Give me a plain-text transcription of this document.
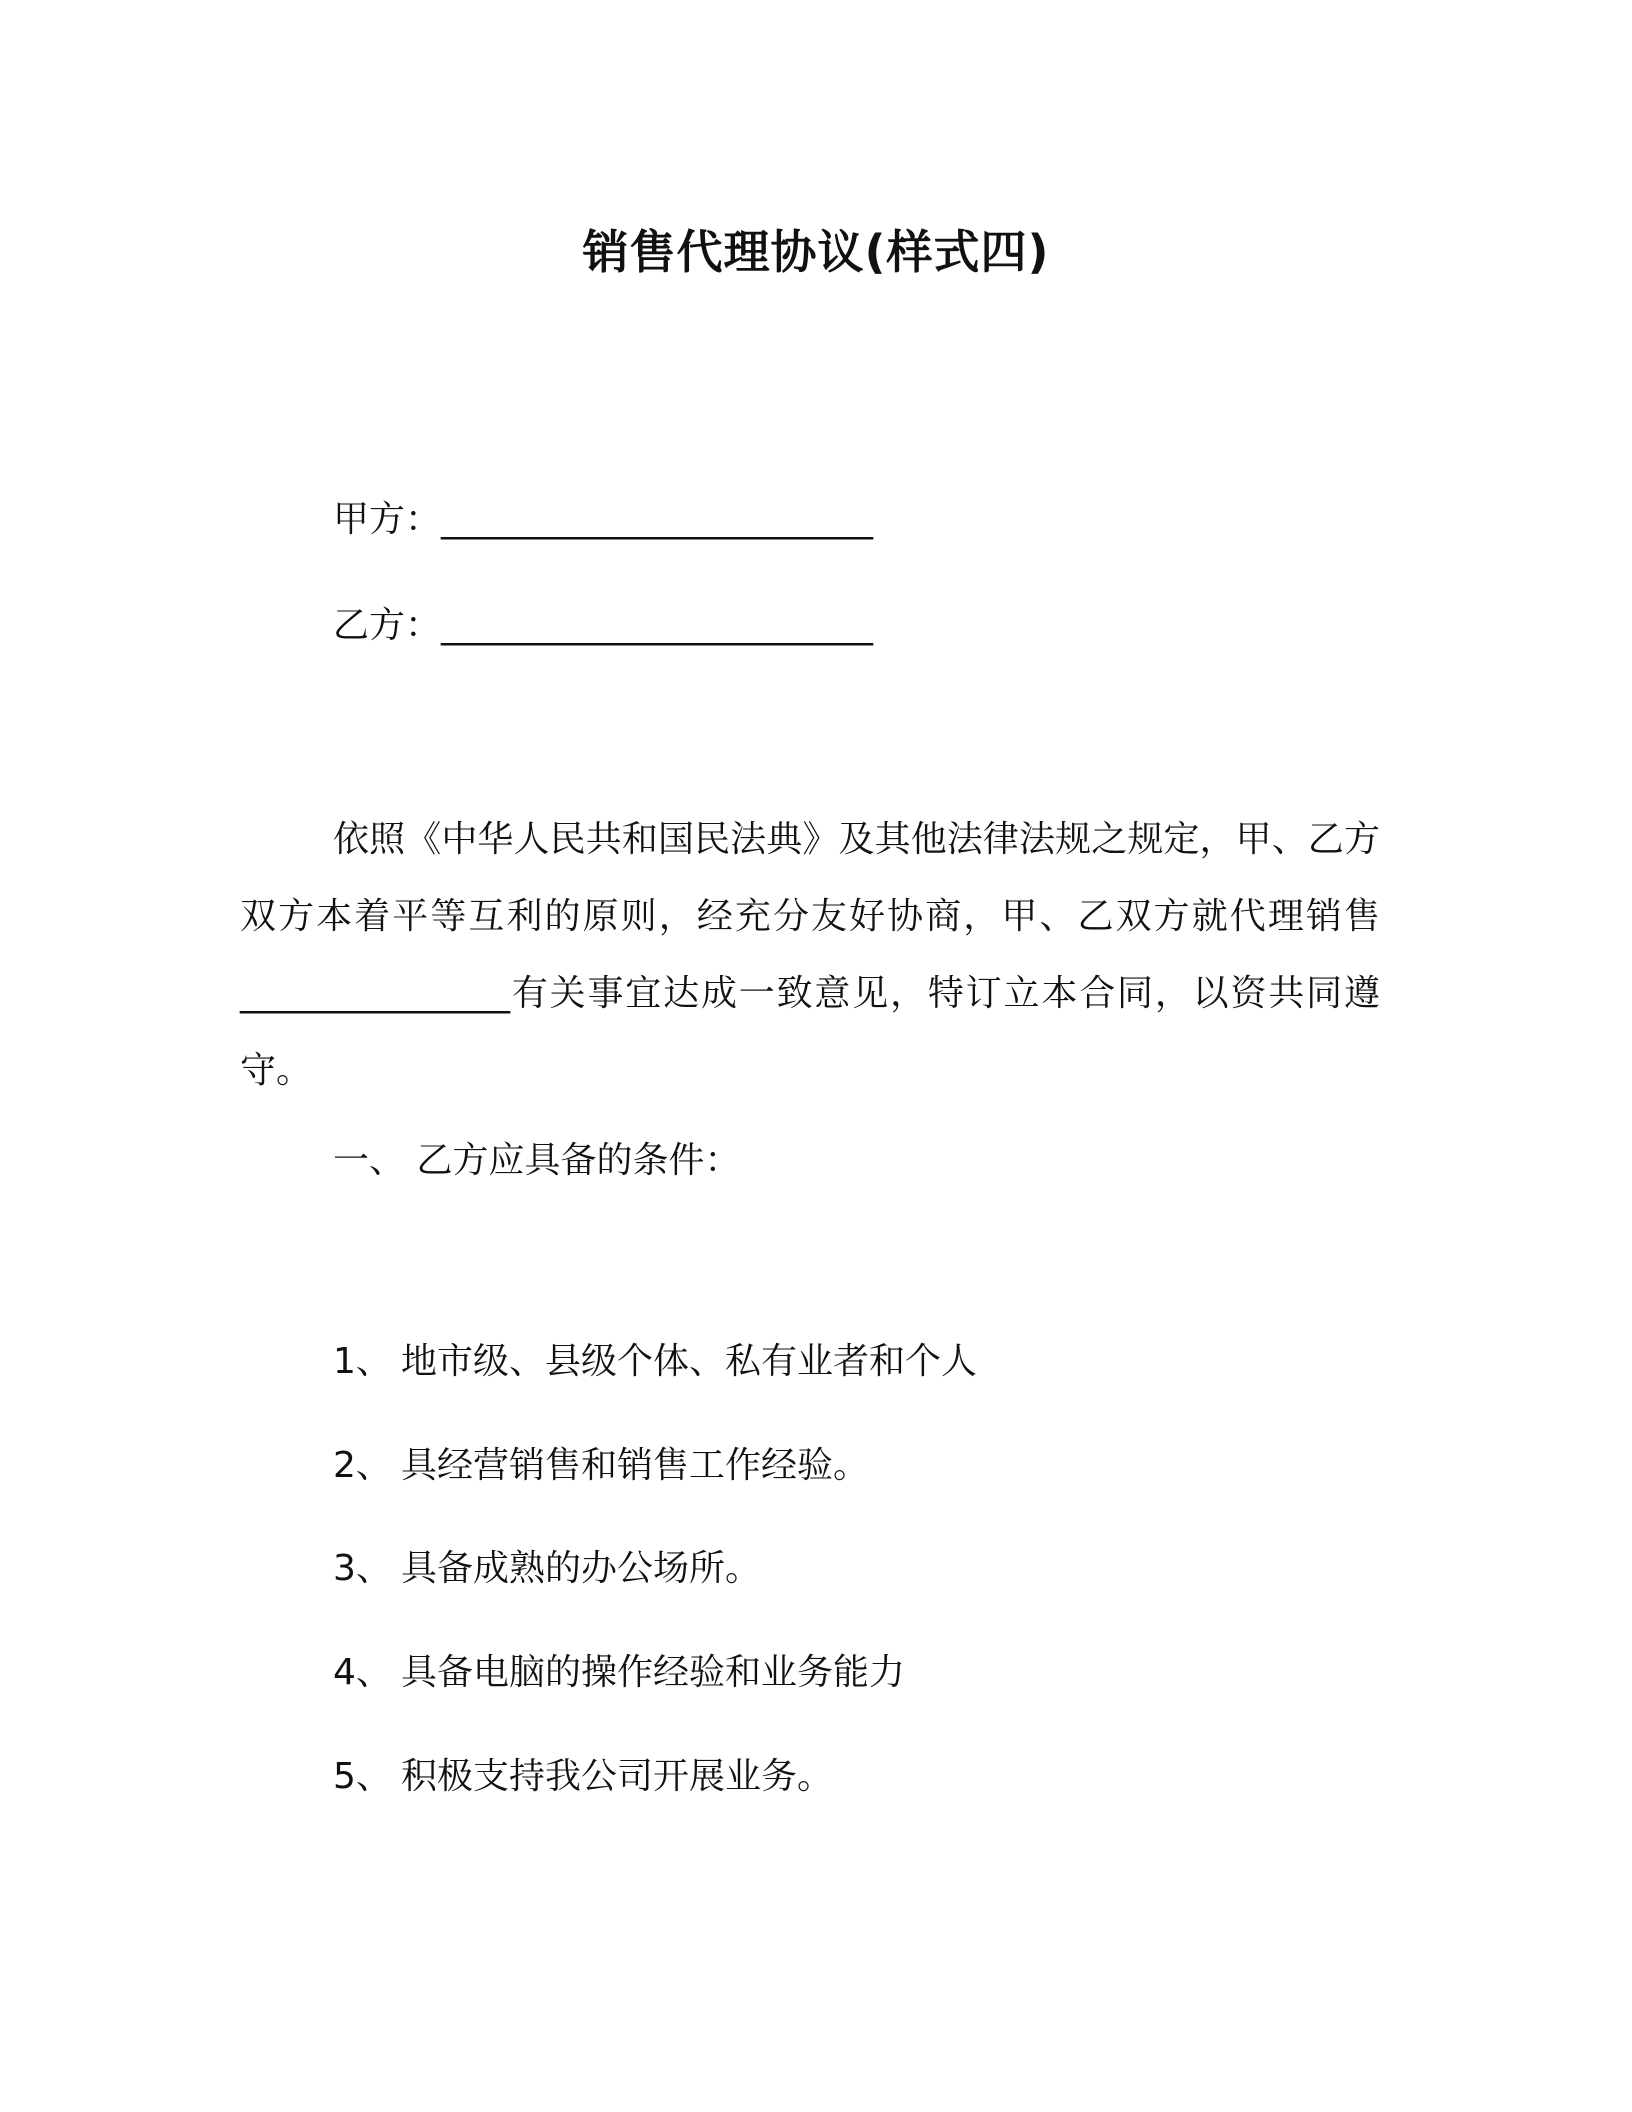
销售代理协议(样式四)
甲方：________________________
乙方：________________________
依照《中华人民共和国民法典》及其他法律法规之规定，甲、乙方双方本着平等互利的原则，经充分友好协商，甲、乙双方就代理销售_______________有关事宜达成一致意见，特订立本合同，以资共同遵守。
一、 乙方应具备的条件：
1、 地市级、县级个体、私有业者和个人
2、 具经营销售和销售工作经验。
3、 具备成熟的办公场所。
4、 具备电脑的操作经验和业务能力
5、 积极支持我公司开展业务。
